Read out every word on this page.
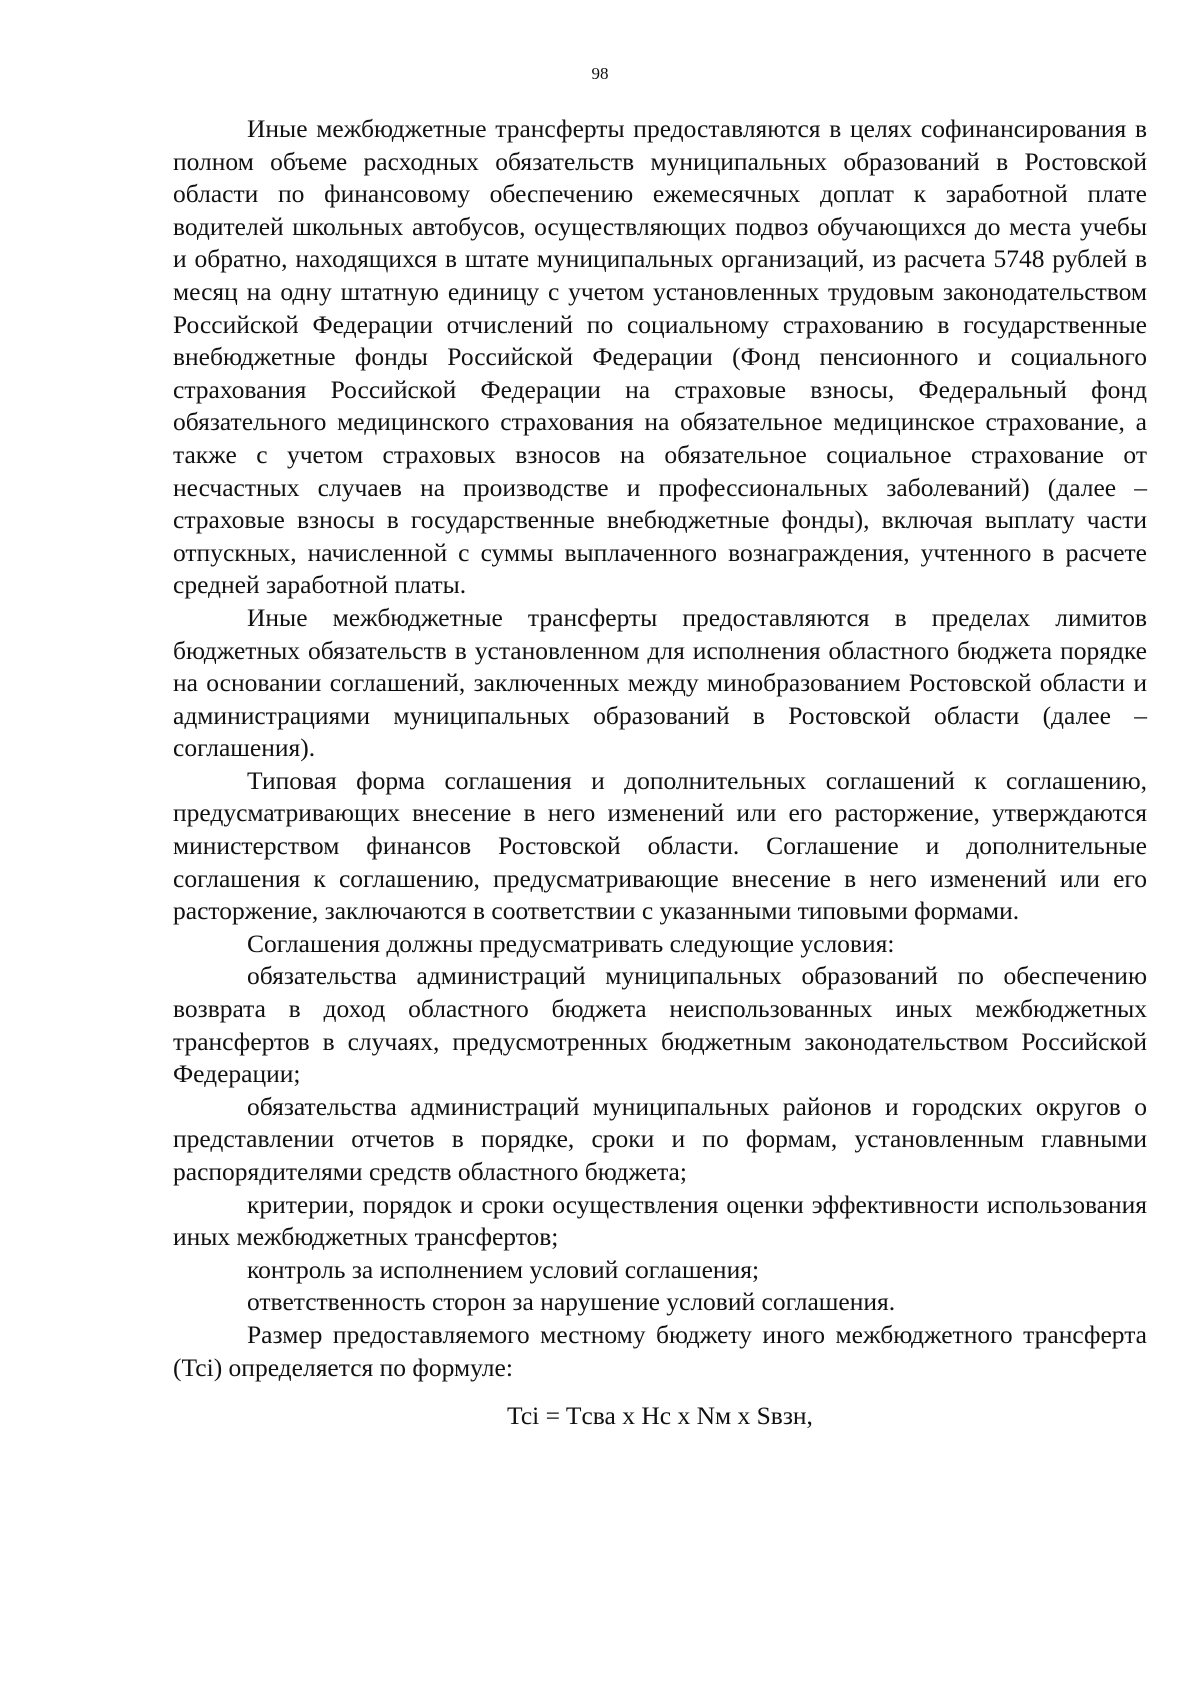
98

Иные межбюджетные трансферты предоставляются в целях софинансирования в полном объеме расходных обязательств муниципальных образований в Ростовской области по финансовому обеспечению ежемесячных доплат к заработной плате водителей школьных автобусов, осуществляющих подвоз обучающихся до места учебы и обратно, находящихся в штате муниципальных организаций, из расчета 5748 рублей в месяц на одну штатную единицу с учетом установленных трудовым законодательством Российской Федерации отчислений по социальному страхованию в государственные внебюджетные фонды Российской Федерации (Фонд пенсионного и социального страхования Российской Федерации на страховые взносы, Федеральный фонд обязательного медицинского страхования на обязательное медицинское страхование, а также с учетом страховых взносов на обязательное социальное страхование от несчастных случаев на производстве и профессиональных заболеваний) (далее – страховые взносы в государственные внебюджетные фонды), включая выплату части отпускных, начисленной с суммы выплаченного вознаграждения, учтенного в расчете средней заработной платы.

Иные межбюджетные трансферты предоставляются в пределах лимитов бюджетных обязательств в установленном для исполнения областного бюджета порядке на основании соглашений, заключенных между минобразованием Ростовской области и администрациями муниципальных образований в Ростовской области (далее – соглашения).

Типовая форма соглашения и дополнительных соглашений к соглашению, предусматривающих внесение в него изменений или его расторжение, утверждаются министерством финансов Ростовской области. Соглашение и дополнительные соглашения к соглашению, предусматривающие внесение в него изменений или его расторжение, заключаются в соответствии с указанными типовыми формами.

Соглашения должны предусматривать следующие условия:

обязательства администраций муниципальных образований по обеспечению возврата в доход областного бюджета неиспользованных иных межбюджетных трансфертов в случаях, предусмотренных бюджетным законодательством Российской Федерации;

обязательства администраций муниципальных районов и городских округов о представлении отчетов в порядке, сроки и по формам, установленным главными распорядителями средств областного бюджета;

критерии, порядок и сроки осуществления оценки эффективности использования иных межбюджетных трансфертов;

контроль за исполнением условий соглашения;

ответственность сторон за нарушение условий соглашения.

Размер предоставляемого местному бюджету иного межбюджетного трансферта (Tci) определяется по формуле:

Tci = Tсва х Нс х Nм х Sвзн,
